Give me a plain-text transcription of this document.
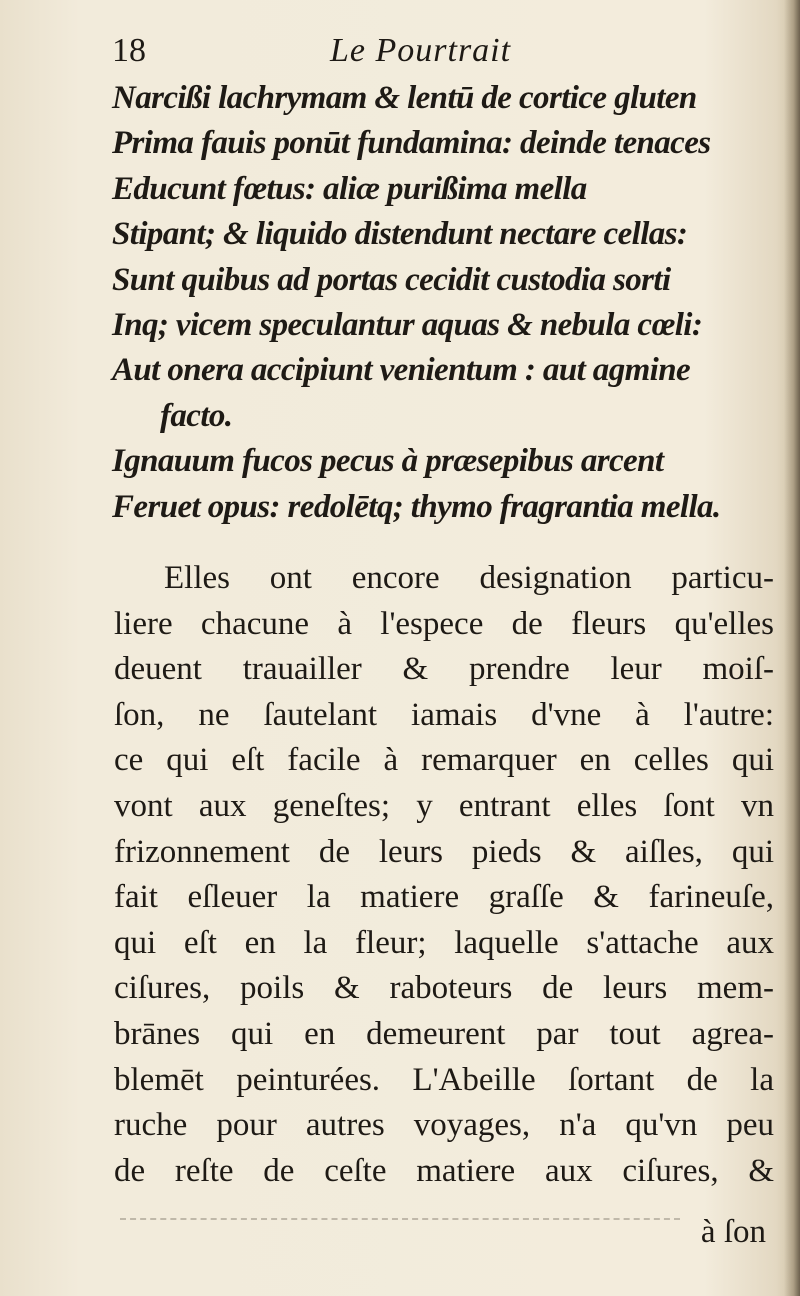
18	Le Pourtrait
Narcißi lachrymam & lentū de cortice gluten
Prima fauis ponūt fundamina: deinde tenaces
Educunt fœtus: aliæ purißima mella
Stipant; & liquido distendunt nectare cellas:
Sunt quibus ad portas cecidit custodia sorti
Inq; vicem speculantur aquas & nebula cœli:
Aut onera accipiunt venientum : aut agmine
facto.
Ignauum fucos pecus à præsepibus arcent
Feruet opus: redolētq; thymo fragrantia mella.
Elles ont encore designation particu-
liere chacune à l'espece de fleurs qu'elles
deuent trauailler & prendre leur moiſ-
ſon, ne ſautelant iamais d'vne à l'autre:
ce qui eſt facile à remarquer en celles qui
vont aux geneſtes; y entrant elles ſont vn
frizonnement de leurs pieds & aiſles, qui
fait eſleuer la matiere graſſe & farineuſe,
qui eſt en la fleur; laquelle s'attache aux
ciſures, poils & raboteurs de leurs mem-
brānes qui en demeurent par tout agrea-
blemēt peinturées. L'Abeille ſortant de la
ruche pour autres voyages, n'a qu'vn peu
de reſte de ceſte matiere aux ciſures, &
à ſon
